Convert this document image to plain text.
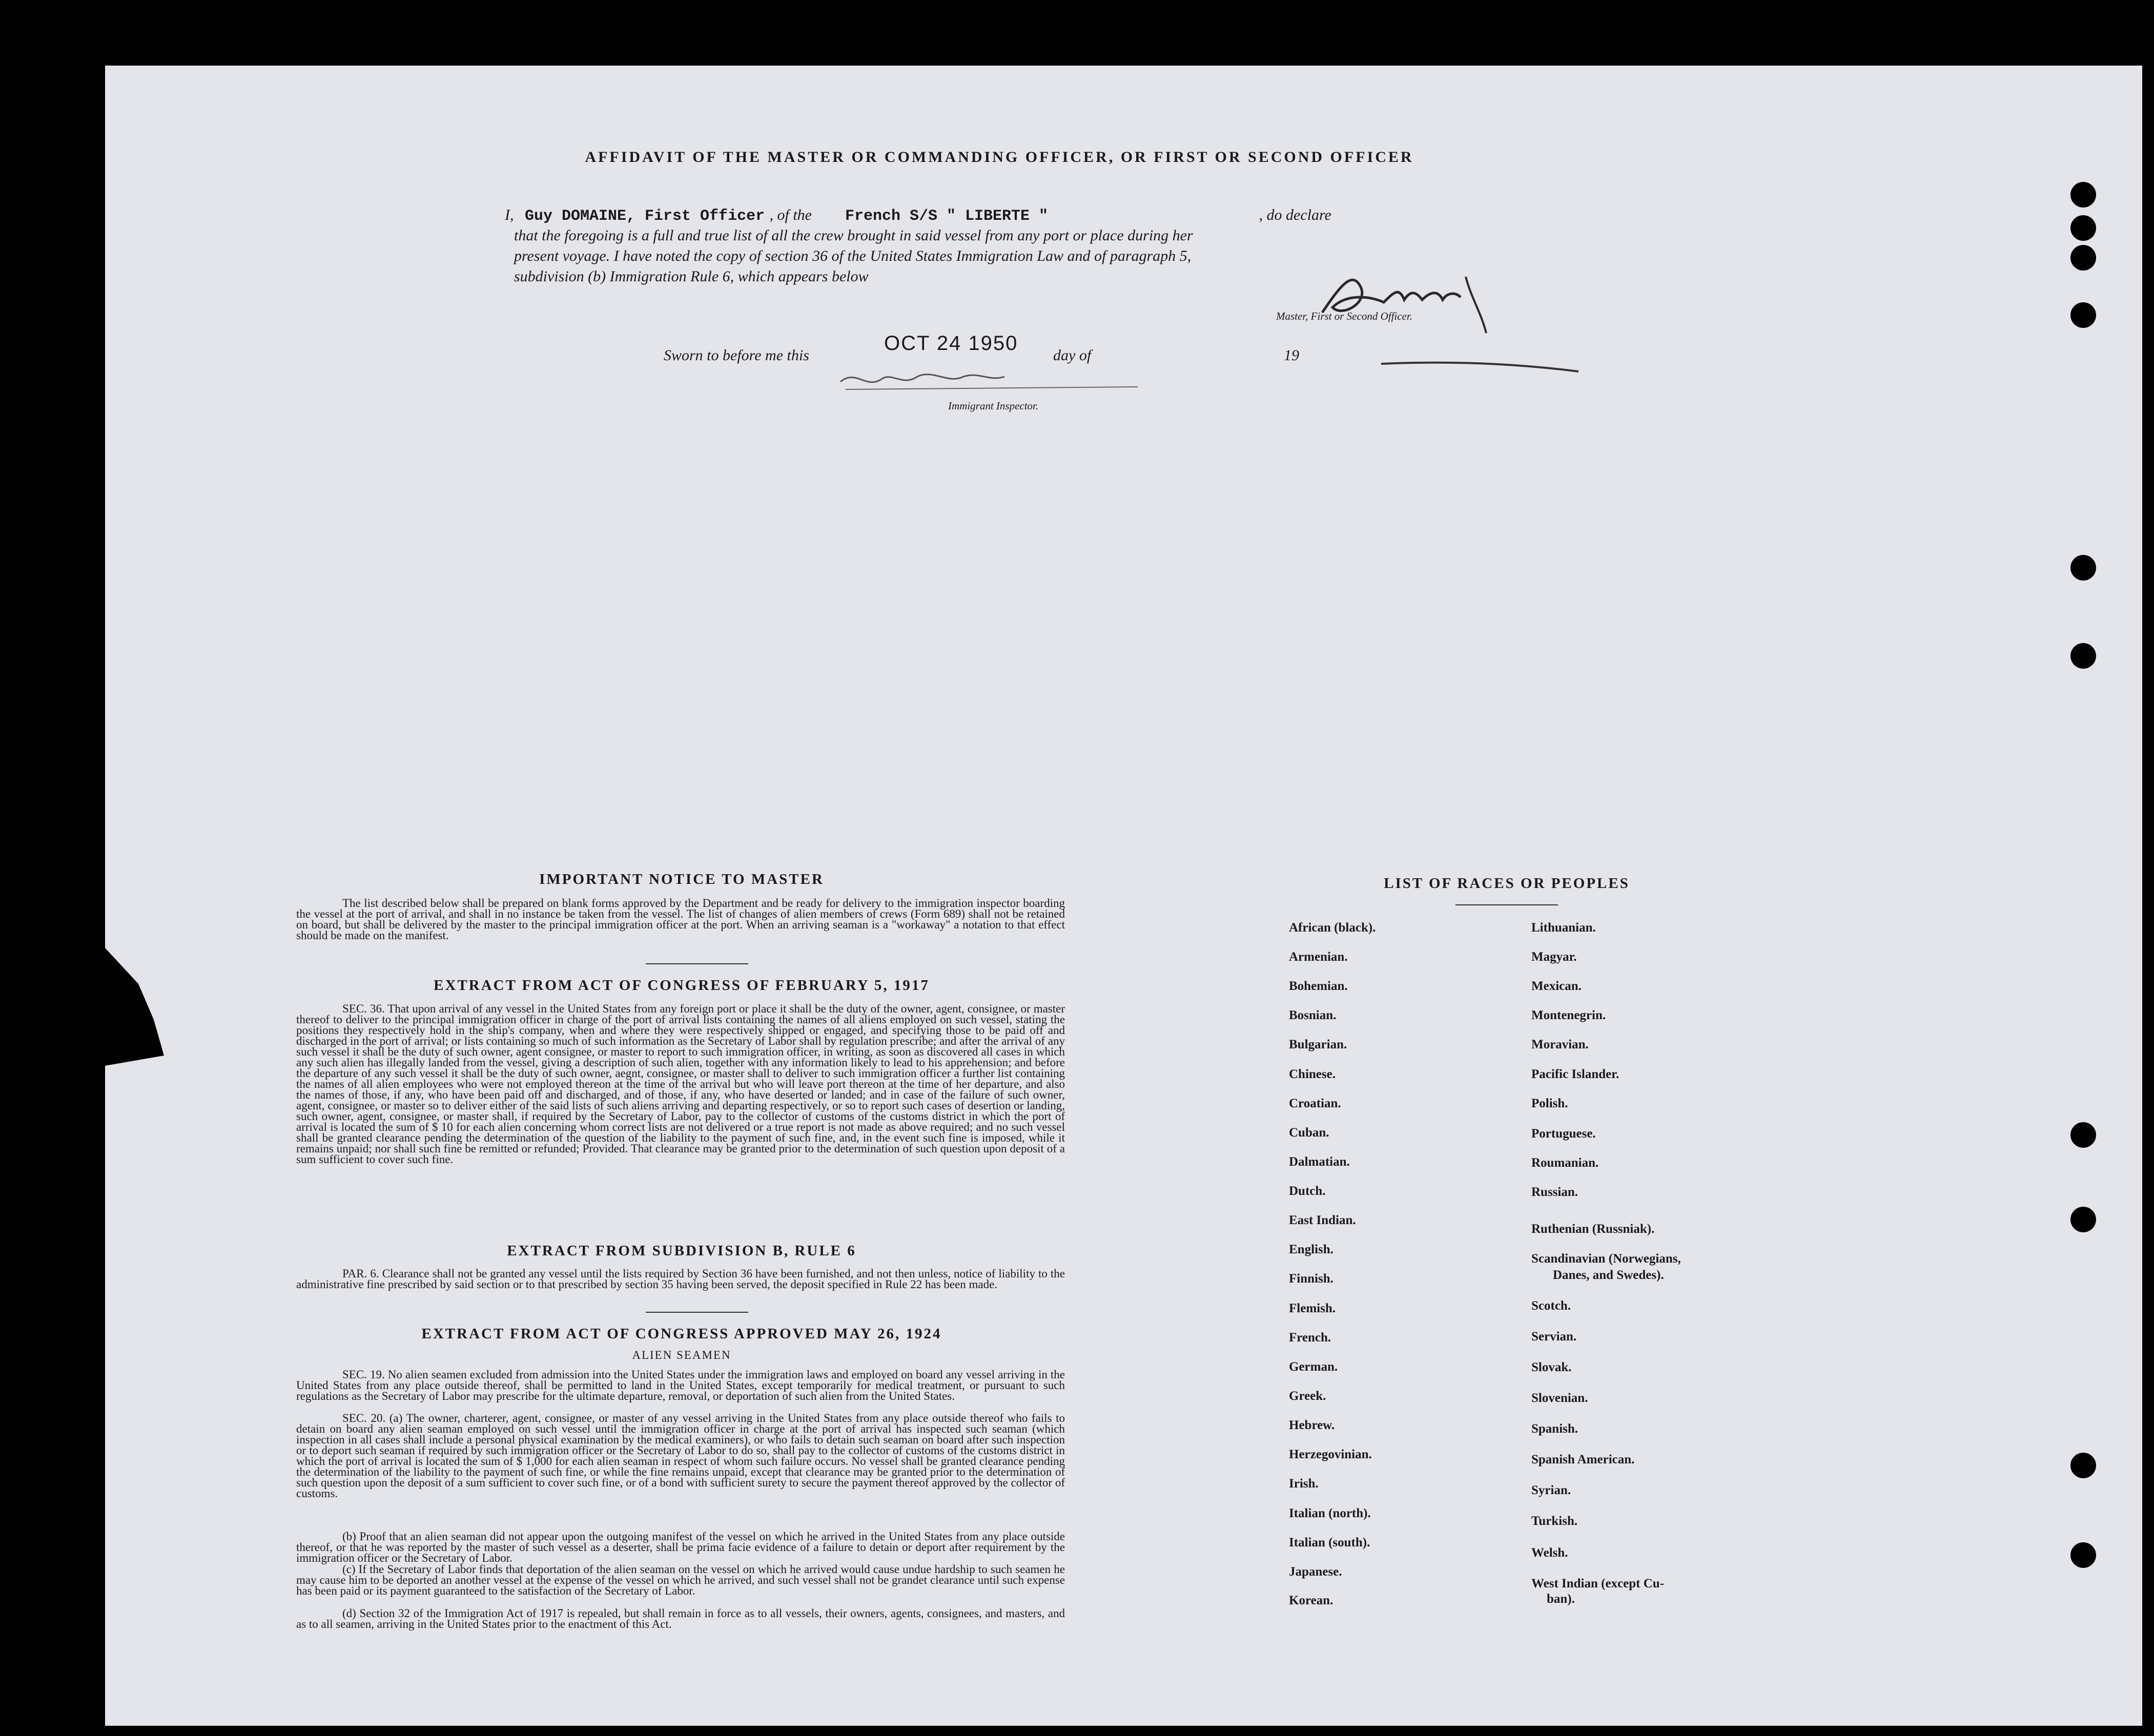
AFFIDAVIT OF THE MASTER OR COMMANDING OFFICER, OR FIRST OR SECOND OFFICER
I, Guy DOMAINE, First Officer , of the French S/S " LIBERTE "	, do declare
that the foregoing is a full and true list of all the crew brought in said vessel from any port or place during her
present voyage. I have noted the copy of section 36 of the United States Immigration Law and of paragraph 5,
subdivision (b) Immigration Rule 6, which appears below
Master, First or Second Officer.
Sworn to before me this
OCT 24 1950
day of	19
Immigrant Inspector.
IMPORTANT NOTICE TO MASTER
The list described below shall be prepared on blank forms approved by the Department and be ready for delivery to the immigration inspector boarding the vessel at the port of arrival, and shall in no instance be taken from the vessel. The list of changes of alien members of crews (Form 689) shall not be retained on board, but shall be delivered by the master to the principal immigration officer at the port. When an arriving seaman is a "workaway" a notation to that effect should be made on the manifest.
EXTRACT FROM ACT OF CONGRESS OF FEBRUARY 5, 1917
SEC. 36. That upon arrival of any vessel in the United States from any foreign port or place it shall be the duty of the owner, agent, consignee, or master thereof to deliver to the principal immigration officer in charge of the port of arrival lists containing the names of all aliens employed on such vessel, stating the positions they respectively hold in the ship's company, when and where they were respectively shipped or engaged, and specifying those to be paid off and discharged in the port of arrival; or lists containing so much of such information as the Secretary of Labor shall by regulation prescribe; and after the arrival of any such vessel it shall be the duty of such owner, agent consignee, or master to report to such immigration officer, in writing, as soon as discovered all cases in which any such alien has illegally landed from the vessel, giving a description of such alien, together with any information likely to lead to his apprehension; and before the departure of any such vessel it shall be the duty of such owner, aegnt, consignee, or master shall to deliver to such immigration officer a further list containing the names of all alien employees who were not employed thereon at the time of the arrival but who will leave port thereon at the time of her departure, and also the names of those, if any, who have been paid off and discharged, and of those, if any, who have deserted or landed; and in case of the failure of such owner, agent, consignee, or master so to deliver either of the said lists of such aliens arriving and departing respectively, or so to report such cases of desertion or landing, such owner, agent, consignee, or master shall, if required by the Secretary of Labor, pay to the collector of customs of the customs district in which the port of arrival is located the sum of $ 10 for each alien concerning whom correct lists are not delivered or a true report is not made as above required; and no such vessel shall be granted clearance pending the determination of the question of the liability to the payment of such fine, and, in the event such fine is imposed, while it remains unpaid; nor shall such fine be remitted or refunded; Provided. That clearance may be granted prior to the determination of such question upon deposit of a sum sufficient to cover such fine.
EXTRACT FROM SUBDIVISION B, RULE 6
PAR. 6. Clearance shall not be granted any vessel until the lists required by Section 36 have been furnished, and not then unless, notice of liability to the administrative fine prescribed by said section or to that prescribed by section 35 having been served, the deposit specified in Rule 22 has been made.
EXTRACT FROM ACT OF CONGRESS APPROVED MAY 26, 1924
ALIEN SEAMEN
SEC. 19. No alien seamen excluded from admission into the United States under the immigration laws and employed on board any vessel arriving in the United States from any place outside thereof, shall be permitted to land in the United States, except temporarily for medical treatment, or pursuant to such regulations as the Secretary of Labor may prescribe for the ultimate departure, removal, or deportation of such alien from the United States.
SEC. 20. (a) The owner, charterer, agent, consignee, or master of any vessel arriving in the United States from any place outside thereof who fails to detain on board any alien seaman employed on such vessel until the immigration officer in charge at the port of arrival has inspected such seaman (which inspection in all cases shall include a personal physical examination by the medical examiners), or who fails to detain such seaman on board after such inspection or to deport such seaman if required by such immigration officer or the Secretary of Labor to do so, shall pay to the collector of customs of the customs district in which the port of arrival is located the sum of $ 1,000 for each alien seaman in respect of whom such failure occurs. No vessel shall be granted clearance pending the determination of the liability to the payment of such fine, or while the fine remains unpaid, except that clearance may be granted prior to the determination of such question upon the deposit of a sum sufficient to cover such fine, or of a bond with sufficient surety to secure the payment thereof approved by the collector of customs.
(b) Proof that an alien seaman did not appear upon the outgoing manifest of the vessel on which he arrived in the United States from any place outside thereof, or that he was reported by the master of such vessel as a deserter, shall be prima facie evidence of a failure to detain or deport after requirement by the immigration officer or the Secretary of Labor.
(c) If the Secretary of Labor finds that deportation of the alien seaman on the vessel on which he arrived would cause undue hardship to such seamen he may cause him to be deported an another vessel at the expense of the vessel on which he arrived, and such vessel shall not be grandet clearance until such expense has been paid or its payment guaranteed to the satisfaction of the Secretary of Labor.
(d) Section 32 of the Immigration Act of 1917 is repealed, but shall remain in force as to all vessels, their owners, agents, consignees, and masters, and as to all seamen, arriving in the United States prior to the enactment of this Act.
LIST OF RACES OR PEOPLES
African (black).
Armenian.
Bohemian.
Bosnian.
Bulgarian.
Chinese.
Croatian.
Cuban.
Dalmatian.
Dutch.
East Indian.
English.
Finnish.
Flemish.
French.
German.
Greek.
Hebrew.
Herzegovinian.
Irish.
Italian (north).
Italian (south).
Japanese.
Korean.
Lithuanian.
Magyar.
Mexican.
Montenegrin.
Moravian.
Pacific Islander.
Polish.
Portuguese.
Roumanian.
Russian.
Ruthenian (Russniak).
Scandinavian (Norwegians,
Danes, and Swedes).
Scotch.
Servian.
Slovak.
Slovenian.
Spanish.
Spanish American.
Syrian.
Turkish.
Welsh.
West Indian (except Cu-
ban).
